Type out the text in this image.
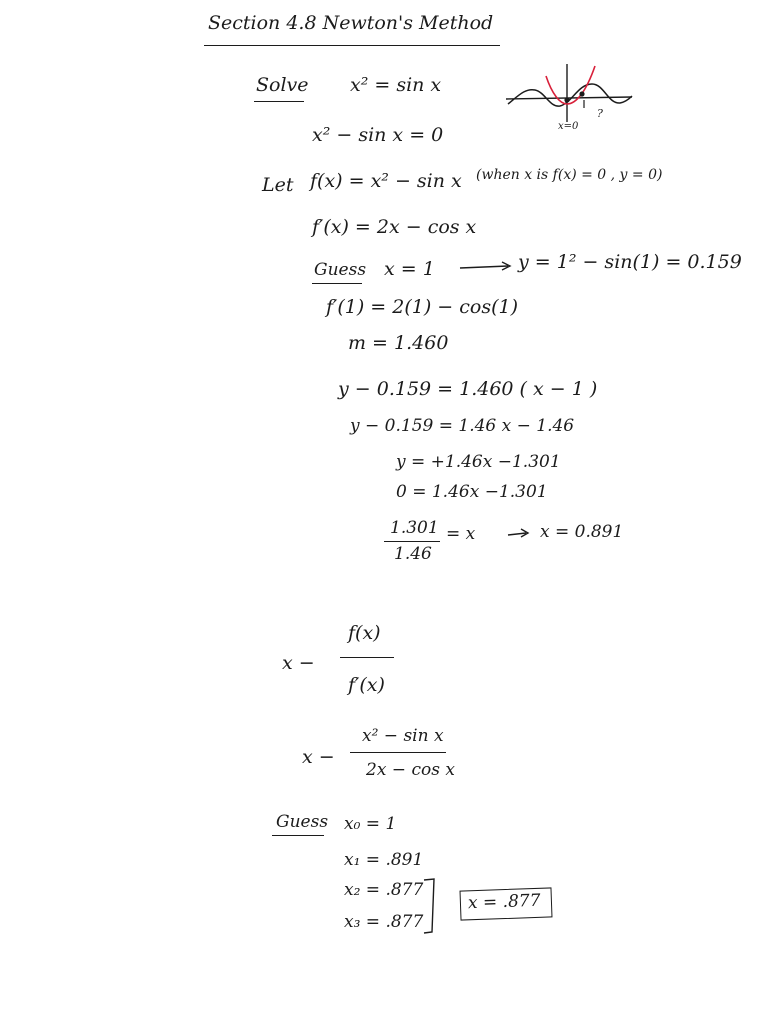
Section 4.8 Newton's Method
Solve x² = sin x
x=0
?
x² − sin x = 0
Let f(x) = x² − sin x (when x is f(x) = 0 , y = 0)
f′(x) = 2x − cos x
Guess x = 1	y = 1² − sin(1) = 0.159
f′(1) = 2(1) − cos(1)
m = 1.460
y − 0.159 = 1.460 ( x − 1 )
y − 0.159 = 1.46 x − 1.46
y = +1.46x −1.301
0 = 1.46x −1.301
1.301
1.46
= x	x = 0.891
x −
f(x)
f′(x)
x −
x² − sin x
2x − cos x
Guess x₀ = 1
x₁ = .891
x₂ = .877
x₃ = .877
x = .877
